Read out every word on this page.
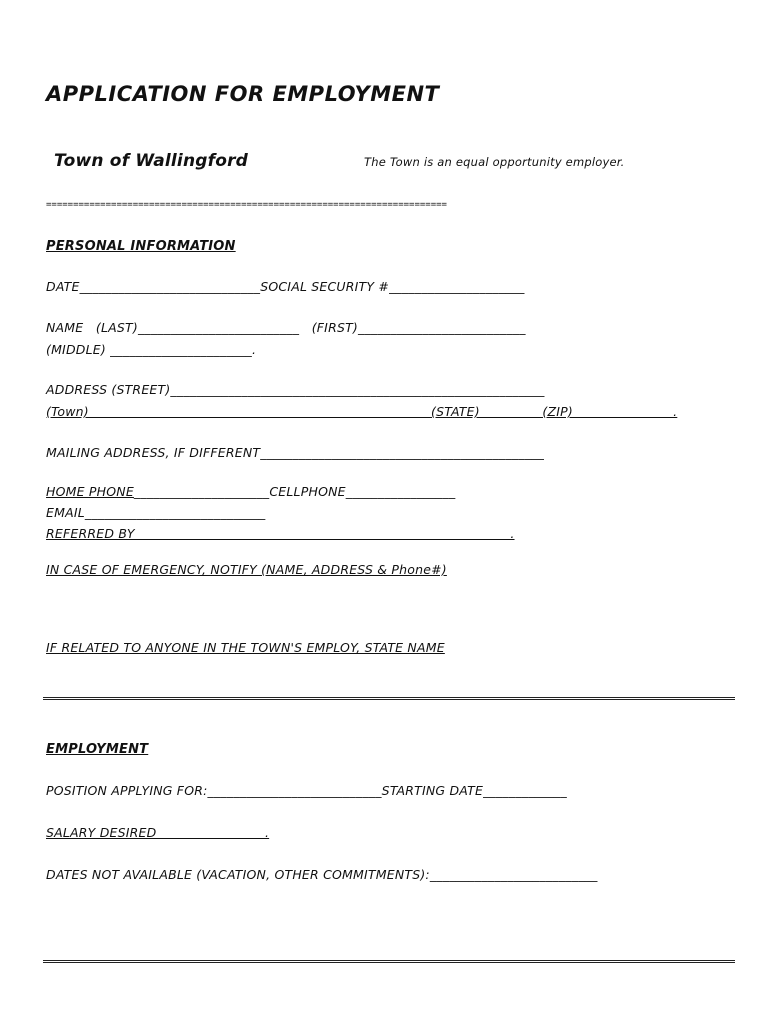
APPLICATION FOR EMPLOYMENT
Town of Wallingford	The Town is an equal opportunity employer.
==========================================================================
PERSONAL INFORMATION
DATE____________________________SOCIAL SECURITY #_____________________
NAME   (LAST)_________________________   (FIRST)__________________________
(MIDDLE) ______________________.
ADDRESS (STREET)__________________________________________________________
(Town)                                                                                  (STATE)               (ZIP)                        .
MAILING ADDRESS, IF DIFFERENT____________________________________________
HOME PHONE_____________________CELLPHONE_________________
EMAIL____________________________
REFERRED BY                                                                                          .
IN CASE OF EMERGENCY, NOTIFY (NAME, ADDRESS & Phone#)
IF RELATED TO ANYONE IN THE TOWN'S EMPLOY, STATE NAME
EMPLOYMENT
POSITION APPLYING FOR:___________________________STARTING DATE_____________
SALARY DESIRED                          .
DATES NOT AVAILABLE (VACATION, OTHER COMMITMENTS):__________________________
